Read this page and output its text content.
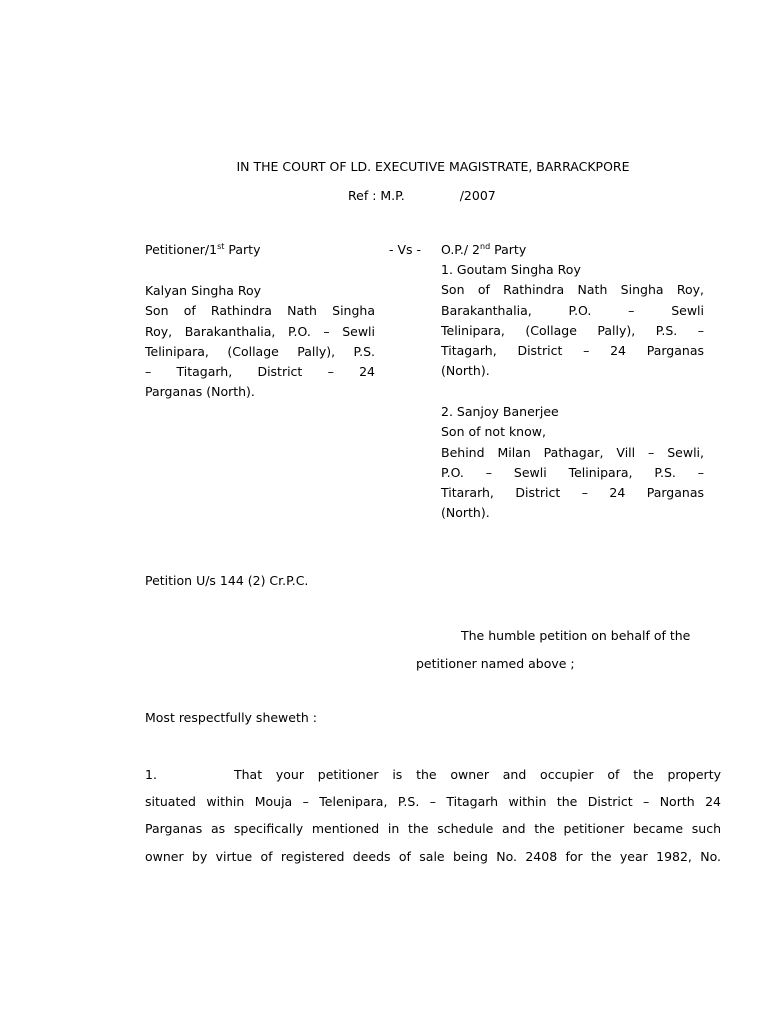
IN THE COURT OF LD. EXECUTIVE MAGISTRATE, BARRACKPORE
Ref : M.P.	/2007
Petitioner/1st Party	- Vs - O.P./ 2nd Party
Kalyan Singha Roy
Son of Rathindra Nath Singha
Roy, Barakanthalia, P.O. – Sewli
Telinipara, (Collage Pally), P.S.
– Titagarh, District – 24
Parganas (North).
1. Goutam Singha Roy
Son of Rathindra Nath Singha Roy,
Barakanthalia, P.O. – Sewli
Telinipara, (Collage Pally), P.S. –
Titagarh, District – 24 Parganas
(North).
2. Sanjoy Banerjee
Son of not know,
Behind Milan Pathagar, Vill – Sewli,
P.O. – Sewli Telinipara, P.S. –
Titararh, District – 24 Parganas
(North).
Petition U/s 144 (2) Cr.P.C.
The humble petition on behalf of the
petitioner named above ;
Most respectfully sheweth :
1.	That your petitioner is the owner and occupier of the property
situated within Mouja – Telenipara, P.S. – Titagarh within the District – North 24
Parganas as specifically mentioned in the schedule and the petitioner became such
owner by virtue of registered deeds of sale being No. 2408 for the year 1982, No.
